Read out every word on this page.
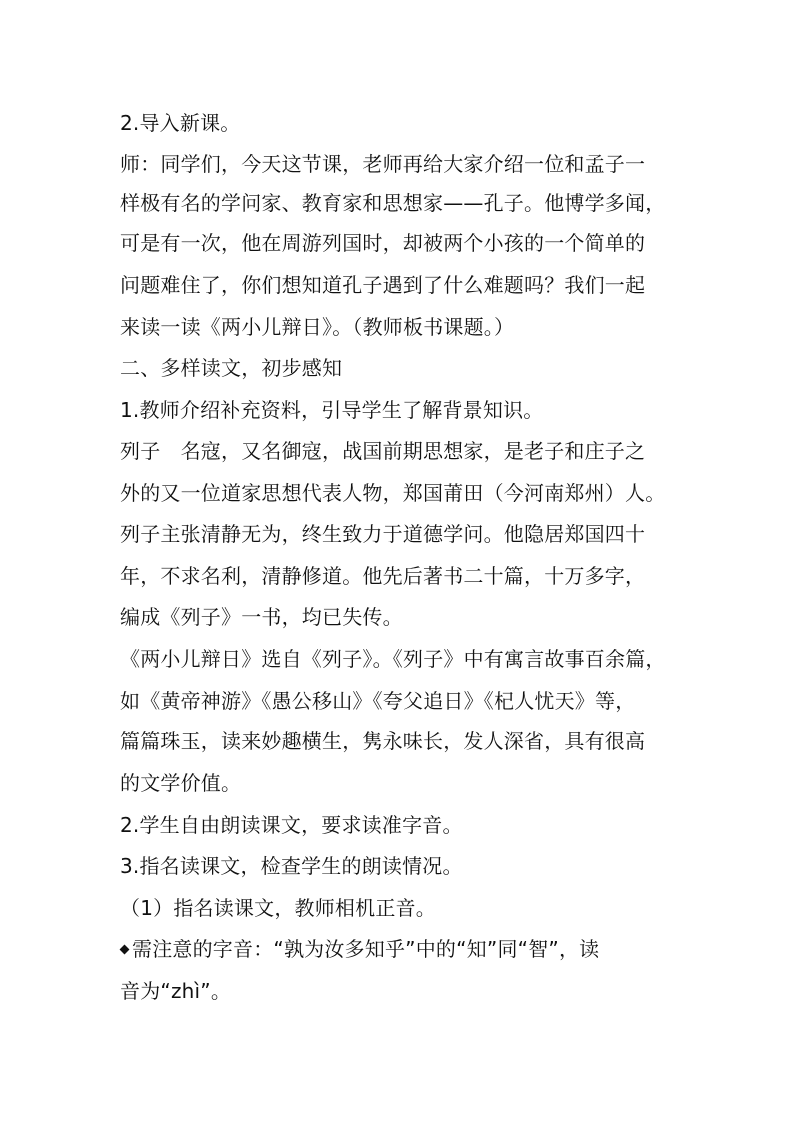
2.导入新课。
师：同学们，今天这节课，老师再给大家介绍一位和孟子一
样极有名的学问家、教育家和思想家——孔子。他博学多闻，
可是有一次，他在周游列国时，却被两个小孩的一个简单的
问题难住了，你们想知道孔子遇到了什么难题吗？我们一起
来读一读《两小儿辩日》。（教师板书课题。）
二、多样读文，初步感知
1.教师介绍补充资料，引导学生了解背景知识。
列子　名寇，又名御寇，战国前期思想家，是老子和庄子之
外的又一位道家思想代表人物，郑国莆田（今河南郑州）人。
列子主张清静无为，终生致力于道德学问。他隐居郑国四十
年，不求名利，清静修道。他先后著书二十篇，十万多字，
编成《列子》一书，均已失传。
《两小儿辩日》选自《列子》。《列子》中有寓言故事百余篇，
如《黄帝神游》《愚公移山》《夸父追日》《杞人忧天》等，
篇篇珠玉，读来妙趣横生，隽永味长，发人深省，具有很高
的文学价值。
2.学生自由朗读课文，要求读准字音。
3.指名读课文，检查学生的朗读情况。
（1）指名读课文，教师相机正音。
需注意的字音：“孰为汝多知乎”中的“知”同“智”，读
音为“zhì”。
